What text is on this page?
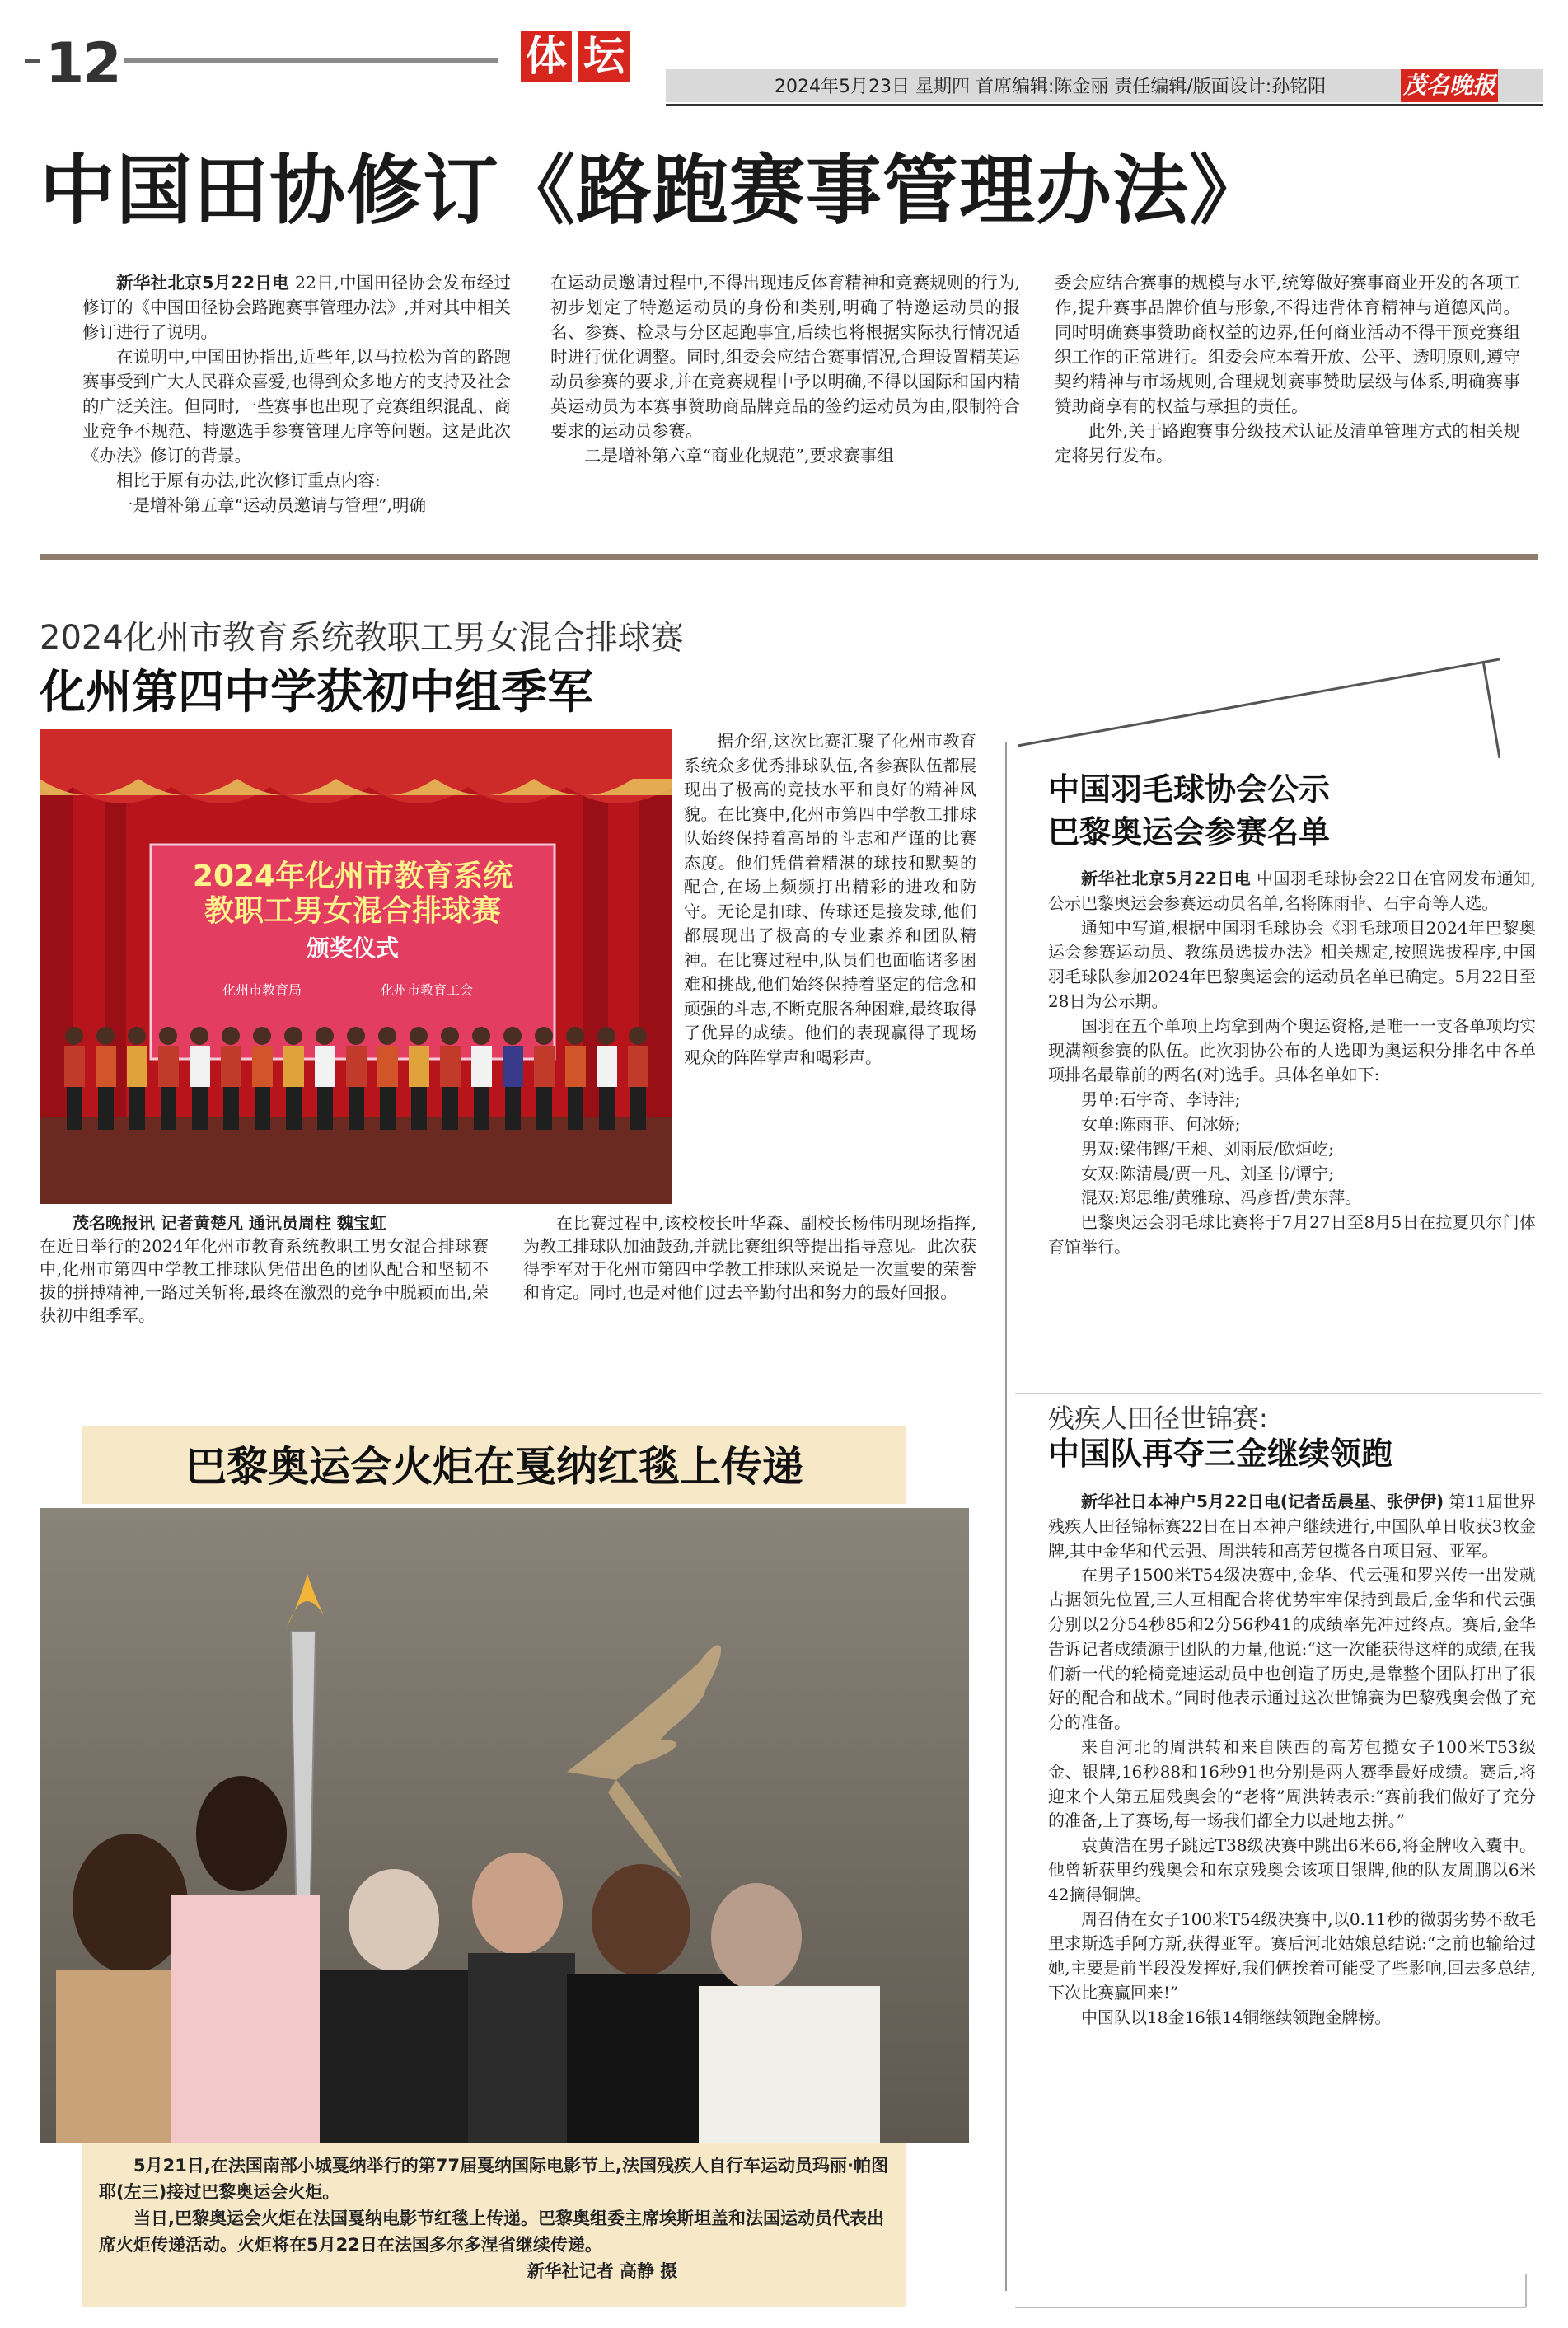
12	体 坛
2024年5月23日 星期四 首席编辑:陈金丽 责任编辑/版面设计:孙铭阳	茂名晚报
中国田协修订《路跑赛事管理办法》

新华社北京5月22日电 22日,中国田径协会发布经过修订的《中国田径协会路跑赛事管理办法》,并对其中相关修订进行了说明。

在说明中,中国田协指出,近些年,以马拉松为首的路跑赛事受到广大人民群众喜爱,也得到众多地方的支持及社会的广泛关注。但同时,一些赛事也出现了竞赛组织混乱、商业竞争不规范、特邀选手参赛管理无序等问题。这是此次《办法》修订的背景。

相比于原有办法,此次修订重点内容:

一是增补第五章“运动员邀请与管理”,明确

在运动员邀请过程中,不得出现违反体育精神和竞赛规则的行为,初步划定了特邀运动员的身份和类别,明确了特邀运动员的报名、参赛、检录与分区起跑事宜,后续也将根据实际执行情况适时进行优化调整。同时,组委会应结合赛事情况,合理设置精英运动员参赛的要求,并在竞赛规程中予以明确,不得以国际和国内精英运动员为本赛事赞助商品牌竞品的签约运动员为由,限制符合要求的运动员参赛。

二是增补第六章“商业化规范”,要求赛事组

委会应结合赛事的规模与水平,统筹做好赛事商业开发的各项工作,提升赛事品牌价值与形象,不得违背体育精神与道德风尚。同时明确赛事赞助商权益的边界,任何商业活动不得干预竞赛组织工作的正常进行。组委会应本着开放、公平、透明原则,遵守契约精神与市场规则,合理规划赛事赞助层级与体系,明确赛事赞助商享有的权益与承担的责任。

此外,关于路跑赛事分级技术认证及清单管理方式的相关规定将另行发布。

2024化州市教育系统教职工男女混合排球赛
化州第四中学获初中组季军
2024年化州市教育系统
教职工男女混合排球赛
颁奖仪式
化州市教育局	化州市教育工会

据介绍,这次比赛汇聚了化州市教育系统众多优秀排球队伍,各参赛队伍都展现出了极高的竞技水平和良好的精神风貌。在比赛中,化州市第四中学教工排球队始终保持着高昂的斗志和严谨的比赛态度。他们凭借着精湛的球技和默契的配合,在场上频频打出精彩的进攻和防守。无论是扣球、传球还是接发球,他们都展现出了极高的专业素养和团队精神。在比赛过程中,队员们也面临诸多困难和挑战,他们始终保持着坚定的信念和顽强的斗志,不断克服各种困难,最终取得了优异的成绩。他们的表现赢得了现场观众的阵阵掌声和喝彩声。

茂名晚报讯 记者黄楚凡 通讯员周柱 魏宝虹

在近日举行的2024年化州市教育系统教职工男女混合排球赛中,化州市第四中学教工排球队凭借出色的团队配合和坚韧不拔的拼搏精神,一路过关斩将,最终在激烈的竞争中脱颖而出,荣获初中组季军。

在比赛过程中,该校校长叶华森、副校长杨伟明现场指挥,为教工排球队加油鼓劲,并就比赛组织等提出指导意见。此次获得季军对于化州市第四中学教工排球队来说是一次重要的荣誉和肯定。同时,也是对他们过去辛勤付出和努力的最好回报。

中国羽毛球协会公示
巴黎奥运会参赛名单

新华社北京5月22日电 中国羽毛球协会22日在官网发布通知,公示巴黎奥运会参赛运动员名单,名将陈雨菲、石宇奇等人选。

通知中写道,根据中国羽毛球协会《羽毛球项目2024年巴黎奥运会参赛运动员、教练员选拔办法》相关规定,按照选拔程序,中国羽毛球队参加2024年巴黎奥运会的运动员名单已确定。5月22日至28日为公示期。

国羽在五个单项上均拿到两个奥运资格,是唯一一支各单项均实现满额参赛的队伍。此次羽协公布的人选即为奥运积分排名中各单项排名最靠前的两名(对)选手。具体名单如下:

男单:石宇奇、李诗沣;

女单:陈雨菲、何冰娇;

男双:梁伟铿/王昶、刘雨辰/欧烜屹;

女双:陈清晨/贾一凡、刘圣书/谭宁;

混双:郑思维/黄雅琼、冯彦哲/黄东萍。

巴黎奥运会羽毛球比赛将于7月27日至8月5日在拉夏贝尔门体育馆举行。

残疾人田径世锦赛:
中国队再夺三金继续领跑

新华社日本神户5月22日电(记者岳晨星、张伊伊) 第11届世界残疾人田径锦标赛22日在日本神户继续进行,中国队单日收获3枚金牌,其中金华和代云强、周洪转和高芳包揽各自项目冠、亚军。

在男子1500米T54级决赛中,金华、代云强和罗兴传一出发就占据领先位置,三人互相配合将优势牢牢保持到最后,金华和代云强分别以2分54秒85和2分56秒41的成绩率先冲过终点。赛后,金华告诉记者成绩源于团队的力量,他说:“这一次能获得这样的成绩,在我们新一代的轮椅竞速运动员中也创造了历史,是靠整个团队打出了很好的配合和战术。”同时他表示通过这次世锦赛为巴黎残奥会做了充分的准备。

来自河北的周洪转和来自陕西的高芳包揽女子100米T53级金、银牌,16秒88和16秒91也分别是两人赛季最好成绩。赛后,将迎来个人第五届残奥会的“老将”周洪转表示:“赛前我们做好了充分的准备,上了赛场,每一场我们都全力以赴地去拼。”

袁黄浩在男子跳远T38级决赛中跳出6米66,将金牌收入囊中。他曾斩获里约残奥会和东京残奥会该项目银牌,他的队友周鹏以6米42摘得铜牌。

周召倩在女子100米T54级决赛中,以0.11秒的微弱劣势不敌毛里求斯选手阿方斯,获得亚军。赛后河北姑娘总结说:“之前也输给过她,主要是前半段没发挥好,我们俩挨着可能受了些影响,回去多总结,下次比赛赢回来!”

中国队以18金16银14铜继续领跑金牌榜。

巴黎奥运会火炬在戛纳红毯上传递

5月21日,在法国南部小城戛纳举行的第77届戛纳国际电影节上,法国残疾人自行车运动员玛丽·帕图耶(左三)接过巴黎奥运会火炬。

当日,巴黎奥运会火炬在法国戛纳电影节红毯上传递。巴黎奥组委主席埃斯坦盖和法国运动员代表出席火炬传递活动。火炬将在5月22日在法国多尔多涅省继续传递。

新华社记者 高静 摄
